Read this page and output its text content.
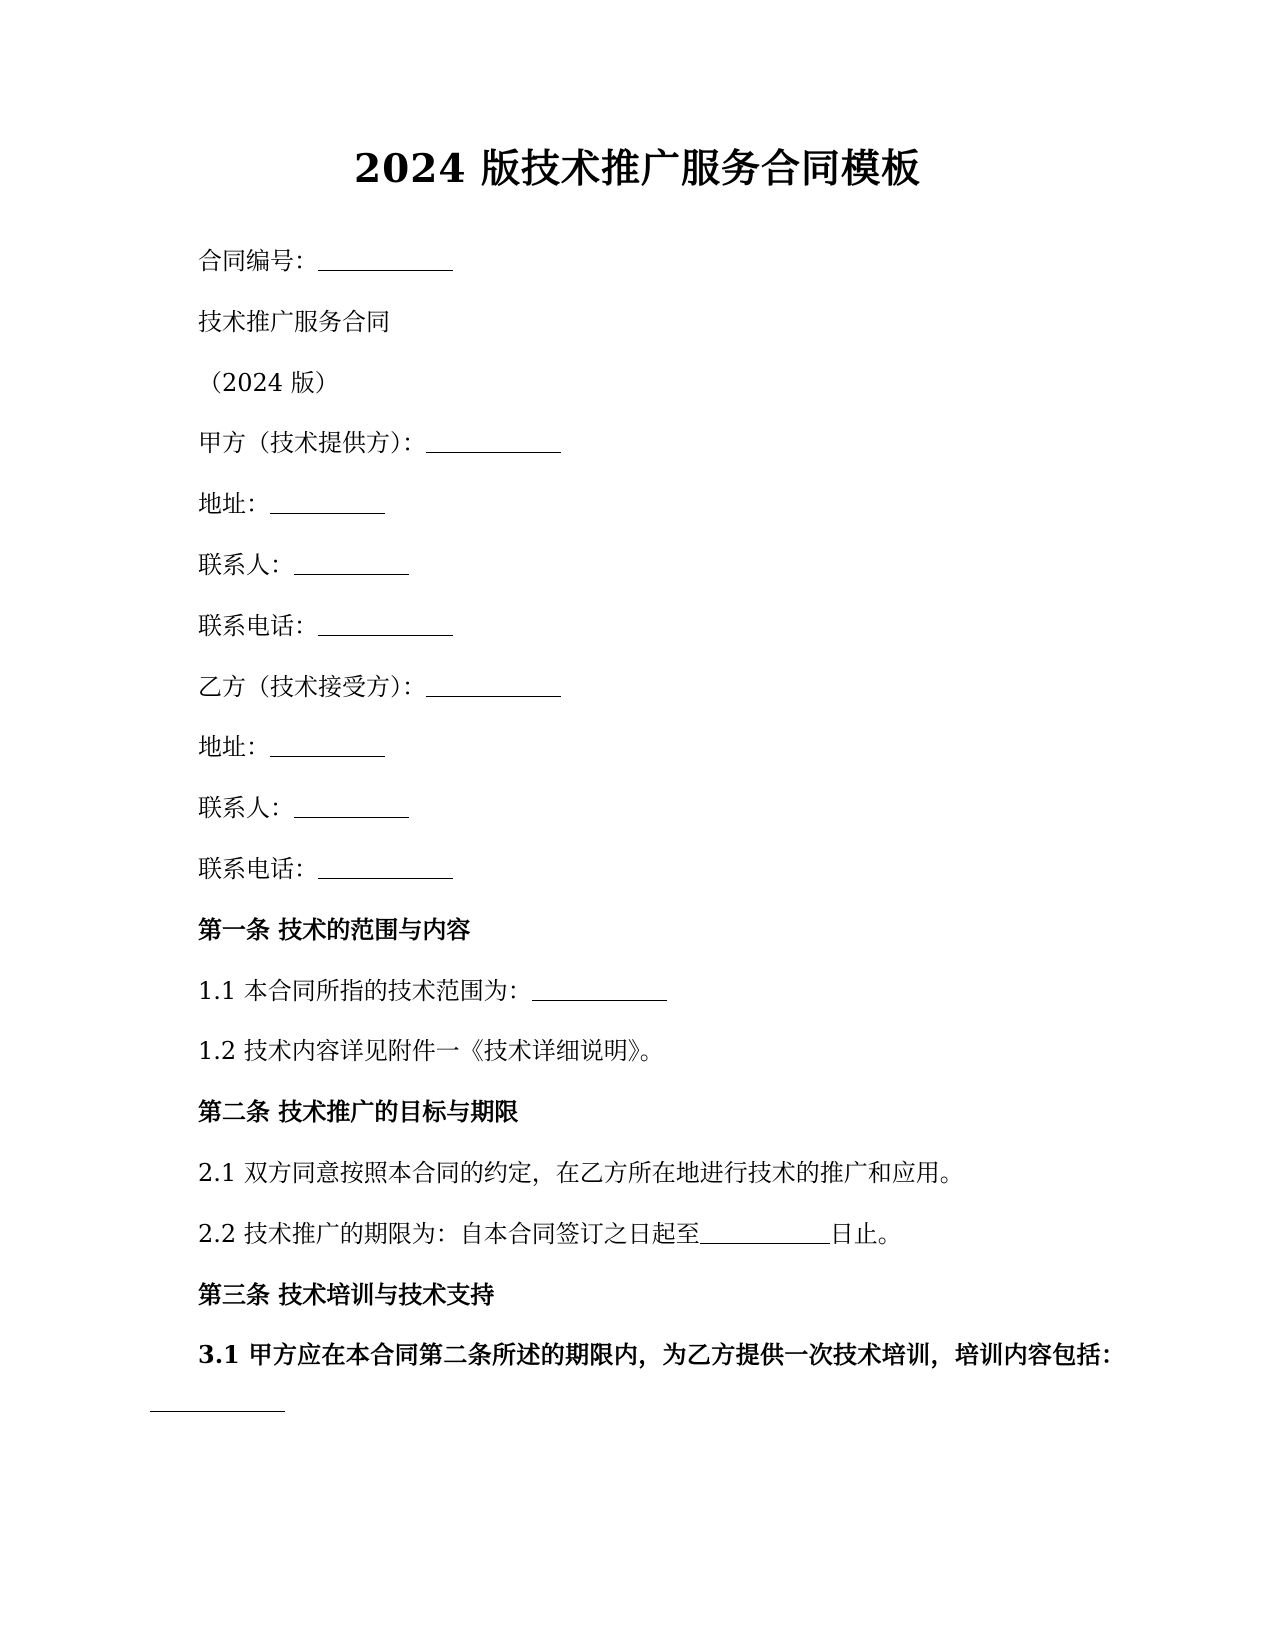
2024 版技术推广服务合同模板

合同编号：

技术推广服务合同

（2024 版）

甲方（技术提供方）：

地址：

联系人：

联系电话：

乙方（技术接受方）：

地址：

联系人：

联系电话：

第一条 技术的范围与内容

1.1 本合同所指的技术范围为：

1.2 技术内容详见附件一《技术详细说明》。

第二条 技术推广的目标与期限

2.1 双方同意按照本合同的约定，在乙方所在地进行技术的推广和应用。

2.2 技术推广的期限为：自本合同签订之日起至	日止。

第三条 技术培训与技术支持

3.1 甲方应在本合同第二条所述的期限内，为乙方提供一次技术培训，培训内容包括：
